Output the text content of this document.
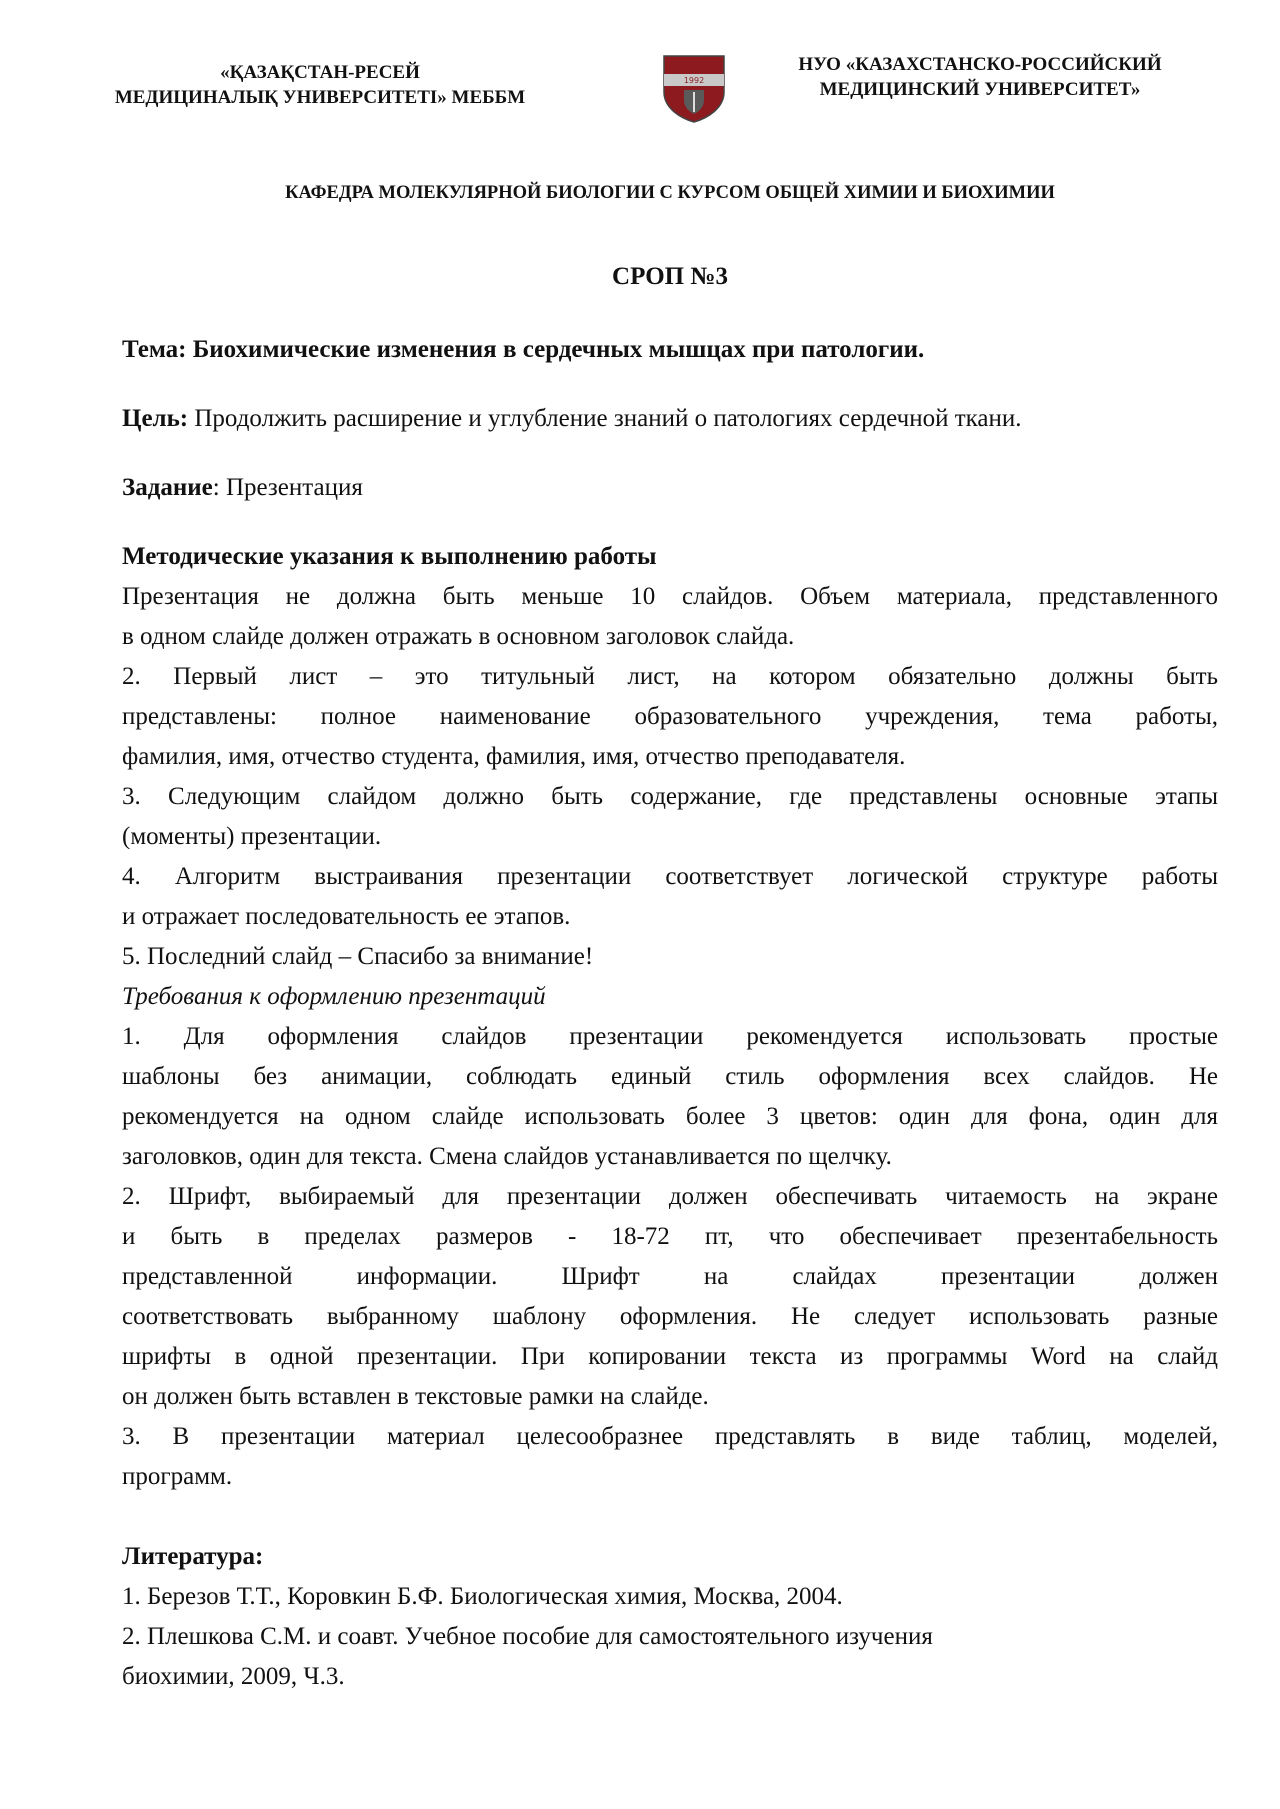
«ҚАЗАҚСТАН-РЕСЕЙ
МЕДИЦИНАЛЫҚ УНИВЕРСИТЕТІ» МЕББМ
1992
НУО «КАЗАХСТАНСКО-РОССИЙСКИЙ
МЕДИЦИНСКИЙ УНИВЕРСИТЕТ»
КАФЕДРА МОЛЕКУЛЯРНОЙ БИОЛОГИИ С КУРСОМ ОБЩЕЙ ХИМИИ И БИОХИМИИ
СРОП №3
Тема: Биохимические изменения в сердечных мышцах при патологии.
Цель: Продолжить расширение и углубление знаний о патологиях сердечной ткани.
Задание: Презентация
Методические указания к выполнению работы
Презентация не должна быть меньше 10 слайдов. Объем материала, представленного
в одном слайде должен отражать в основном заголовок слайда.
2. Первый лист – это титульный лист, на котором обязательно должны быть
представлены: полное наименование образовательного учреждения, тема работы,
фамилия, имя, отчество студента, фамилия, имя, отчество преподавателя.
3. Следующим слайдом должно быть содержание, где представлены основные этапы
(моменты) презентации.
4. Алгоритм выстраивания презентации соответствует логической структуре работы
и отражает последовательность ее этапов.
5. Последний слайд – Спасибо за внимание!
Требования к оформлению презентаций
1. Для оформления слайдов презентации рекомендуется использовать простые
шаблоны без анимации, соблюдать единый стиль оформления всех слайдов. Не
рекомендуется на одном слайде использовать более 3 цветов: один для фона, один для
заголовков, один для текста. Смена слайдов устанавливается по щелчку.
2. Шрифт, выбираемый для презентации должен обеспечивать читаемость на экране
и быть в пределах размеров - 18-72 пт, что обеспечивает презентабельность
представленной информации. Шрифт на слайдах презентации должен
соответствовать выбранному шаблону оформления. Не следует использовать разные
шрифты в одной презентации. При копировании текста из программы Word на слайд
он должен быть вставлен в текстовые рамки на слайде.
3. В презентации материал целесообразнее представлять в виде таблиц, моделей,
программ.
Литература:
1. Березов Т.Т., Коровкин Б.Ф. Биологическая химия, Москва, 2004.
2. Плешкова С.М. и соавт. Учебное пособие для самостоятельного изучения
биохимии, 2009, Ч.3.
